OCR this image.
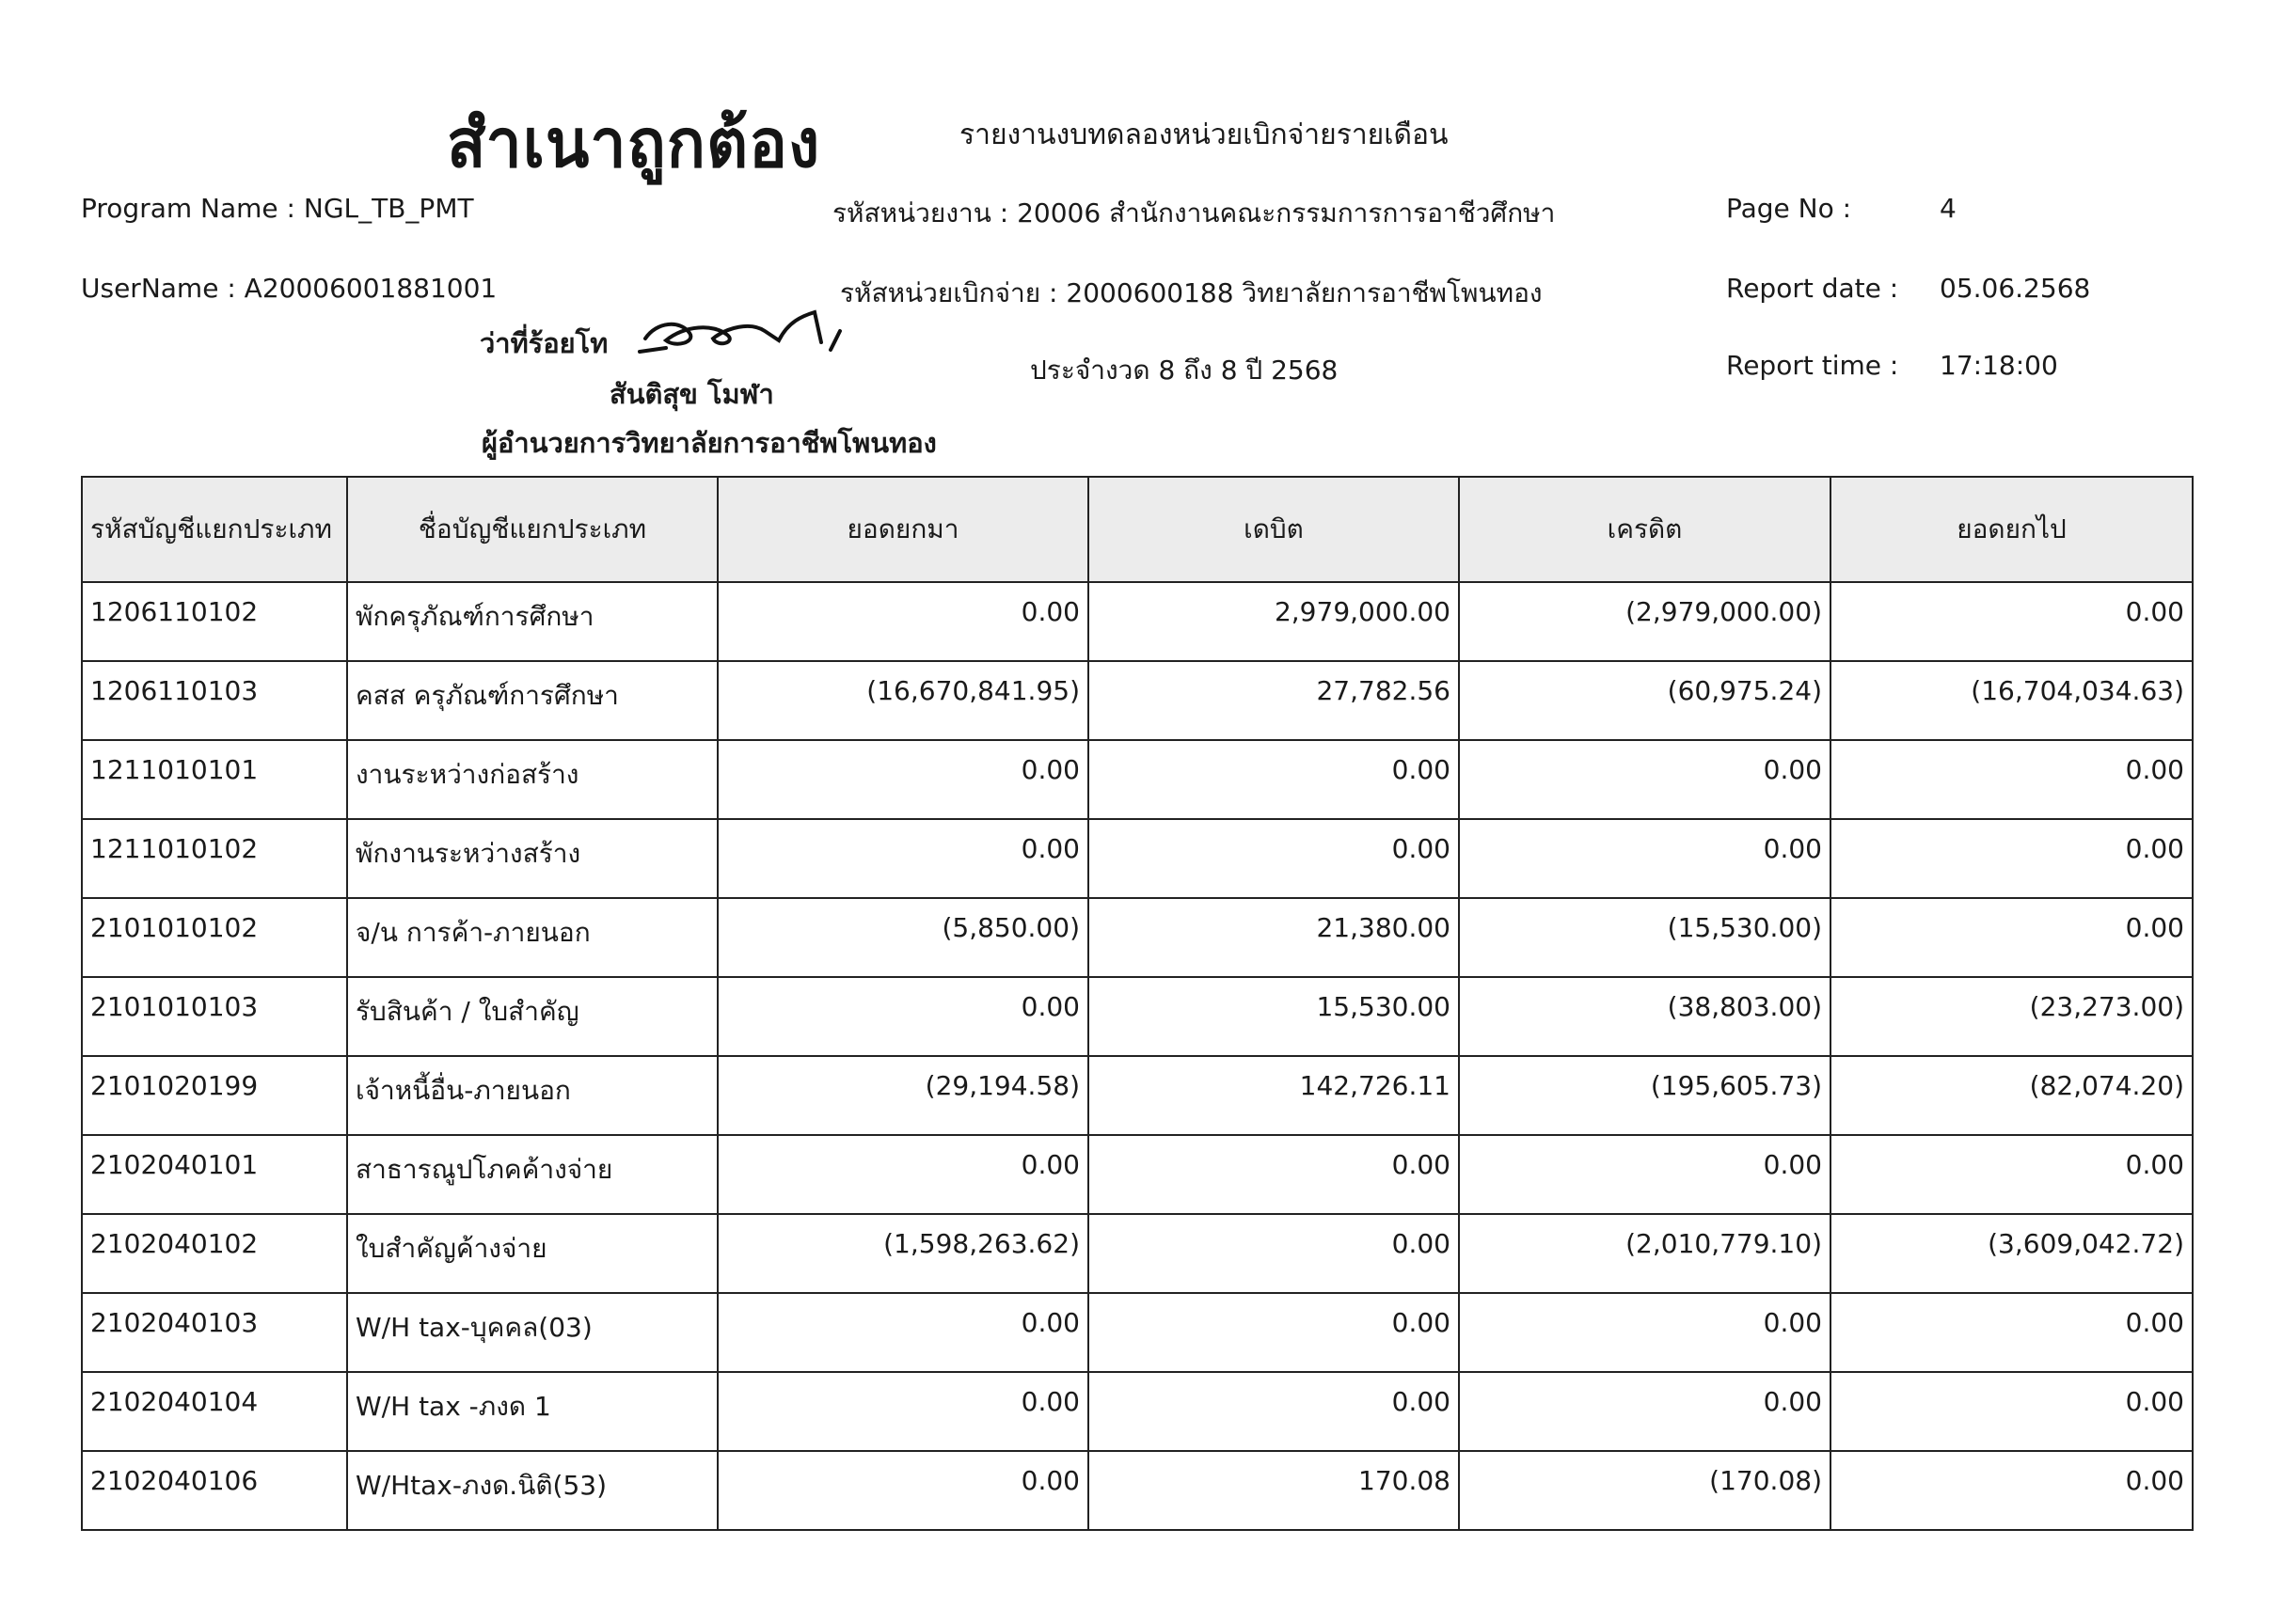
สำเนาถูกต้อง	รายงานงบทดลองหน่วยเบิกจ่ายรายเดือน
Program Name : NGL_TB_PMT
UserName : A20006001881001
รหัสหน่วยงาน : 20006 สำนักงานคณะกรรมการการอาชีวศึกษา
รหัสหน่วยเบิกจ่าย : 2000600188 วิทยาลัยการอาชีพโพนทอง
ประจำงวด 8 ถึง 8 ปี 2568
Page No :	4
Report date : 05.06.2568
Report time : 17:18:00
ว่าที่ร้อยโท
สันติสุข โมฬา
ผู้อำนวยการวิทยาลัยการอาชีพโพนทอง
รหัสบัญชีแยกประเภท	ชื่อบัญชีแยกประเภท	ยอดยกมา	เดบิต	เครดิต	ยอดยกไป
1206110102	พักครุภัณฑ์การศึกษา	0.00	2,979,000.00	(2,979,000.00)	0.00
1206110103	คสส ครุภัณฑ์การศึกษา	(16,670,841.95)	27,782.56	(60,975.24)	(16,704,034.63)
1211010101	งานระหว่างก่อสร้าง	0.00	0.00	0.00	0.00
1211010102	พักงานระหว่างสร้าง	0.00	0.00	0.00	0.00
2101010102	จ/น การค้า-ภายนอก	(5,850.00)	21,380.00	(15,530.00)	0.00
2101010103	รับสินค้า / ใบสำคัญ	0.00	15,530.00	(38,803.00)	(23,273.00)
2101020199	เจ้าหนี้อื่น-ภายนอก	(29,194.58)	142,726.11	(195,605.73)	(82,074.20)
2102040101	สาธารณูปโภคค้างจ่าย	0.00	0.00	0.00	0.00
2102040102	ใบสำคัญค้างจ่าย	(1,598,263.62)	0.00	(2,010,779.10)	(3,609,042.72)
2102040103	W/H tax-บุคคล(03)	0.00	0.00	0.00	0.00
2102040104	W/H tax -ภงด 1	0.00	0.00	0.00	0.00
2102040106	W/Htax-ภงด.นิติ(53)	0.00	170.08	(170.08)	0.00
